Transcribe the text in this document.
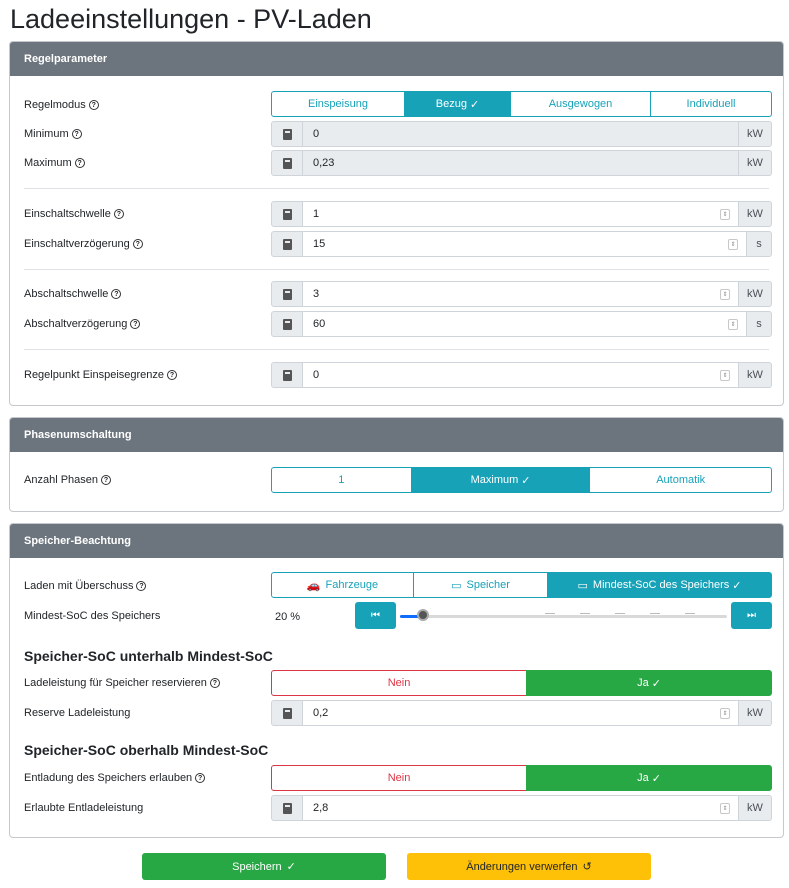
Ladeeinstellungen - PV-Laden
Regelparameter
Regelmodus ?	Einspeisung	Bezug ✓	Ausgewogen	Individuell
Minimum ?	0	kW
Maximum ?	0,23	kW
Einschaltschwelle ?	1	⇕	kW
Einschaltverzögerung ?	15	⇕	s
Abschaltschwelle ?	3	⇕	kW
Abschaltverzögerung ?	60	⇕	s
Regelpunkt Einspeisegrenze ?	0	⇕	kW
Phasenumschaltung
Anzahl Phasen ?	1	Maximum ✓	Automatik
Speicher-Beachtung
Laden mit Überschuss ?	🚗 Fahrzeuge	▭ Speicher	▭ Mindest-SoC des Speichers ✓
Mindest-SoC des Speichers	20 %	⏮	⏭
Speicher-SoC unterhalb Mindest-SoC
Ladeleistung für Speicher reservieren ?	Nein	Ja ✓
Reserve Ladeleistung	0,2	⇕	kW
Speicher-SoC oberhalb Mindest-SoC
Entladung des Speichers erlauben ?	Nein	Ja ✓
Erlaubte Entladeleistung	2,8	⇕	kW
Speichern ✓	Änderungen verwerfen ↺
